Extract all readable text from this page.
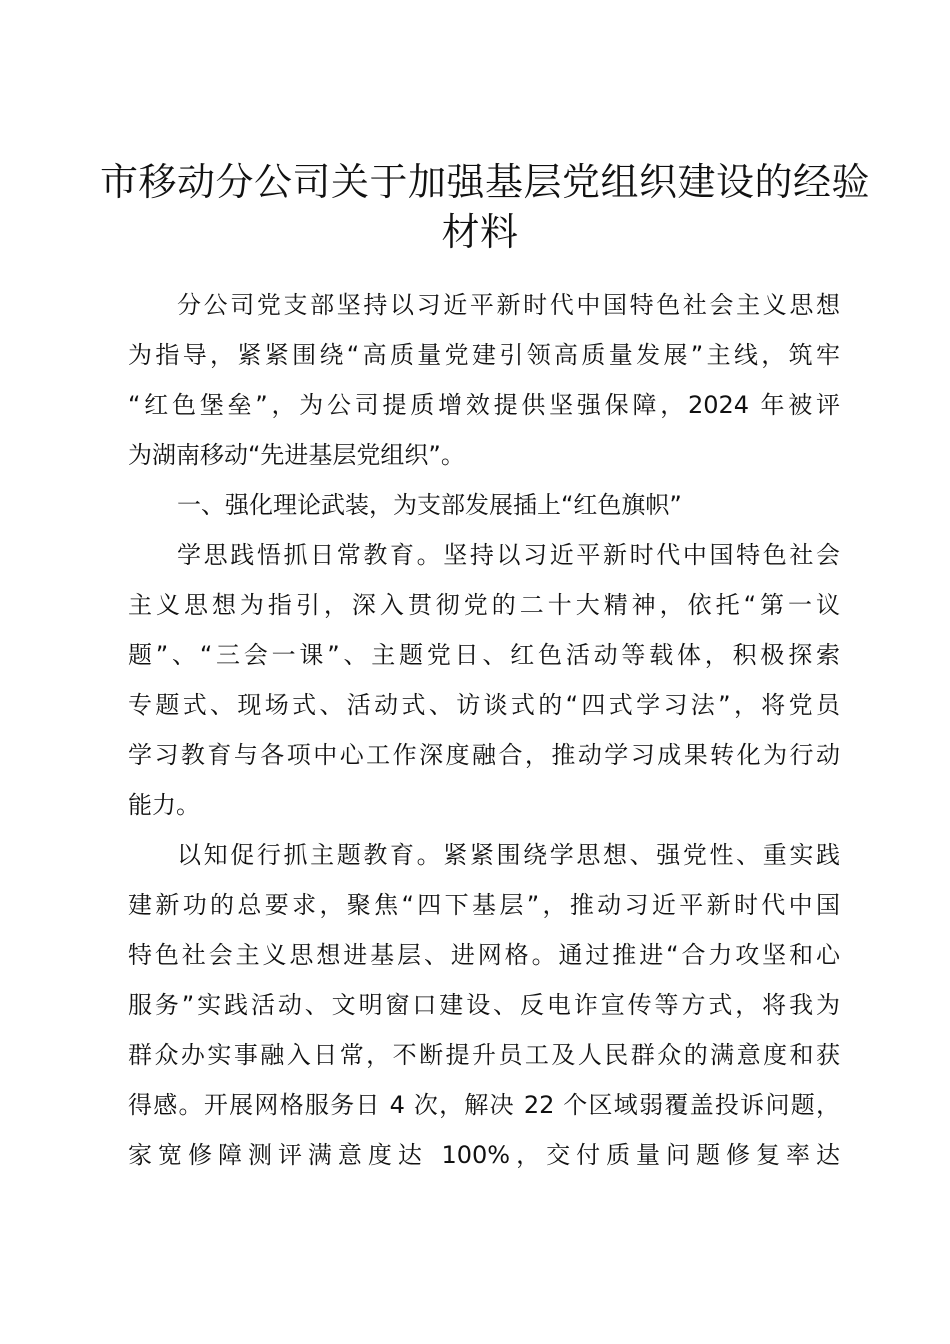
市移动分公司关于加强基层党组织建设的经验
材料

分公司党支部坚持以习近平新时代中国特色社会主义思想

为指导，紧紧围绕“高质量党建引领高质量发展”主线，筑牢

“红色堡垒”，为公司提质增效提供坚强保障，2024 年被评

为湖南移动“先进基层党组织”。

一、强化理论武装，为支部发展插上“红色旗帜”

学思践悟抓日常教育。坚持以习近平新时代中国特色社会

主义思想为指引，深入贯彻党的二十大精神，依托“第一议

题”、“三会一课”、主题党日、红色活动等载体，积极探索

专题式、现场式、活动式、访谈式的“四式学习法”，将党员

学习教育与各项中心工作深度融合，推动学习成果转化为行动

能力。

以知促行抓主题教育。紧紧围绕学思想、强党性、重实践

建新功的总要求，聚焦“四下基层”，推动习近平新时代中国

特色社会主义思想进基层、进网格。通过推进“合力攻坚和心

服务”实践活动、文明窗口建设、反电诈宣传等方式，将我为

群众办实事融入日常，不断提升员工及人民群众的满意度和获

得感。开展网格服务日 4 次，解决 22 个区域弱覆盖投诉问题，

家宽修障测评满意度达 100%，交付质量问题修复率达
